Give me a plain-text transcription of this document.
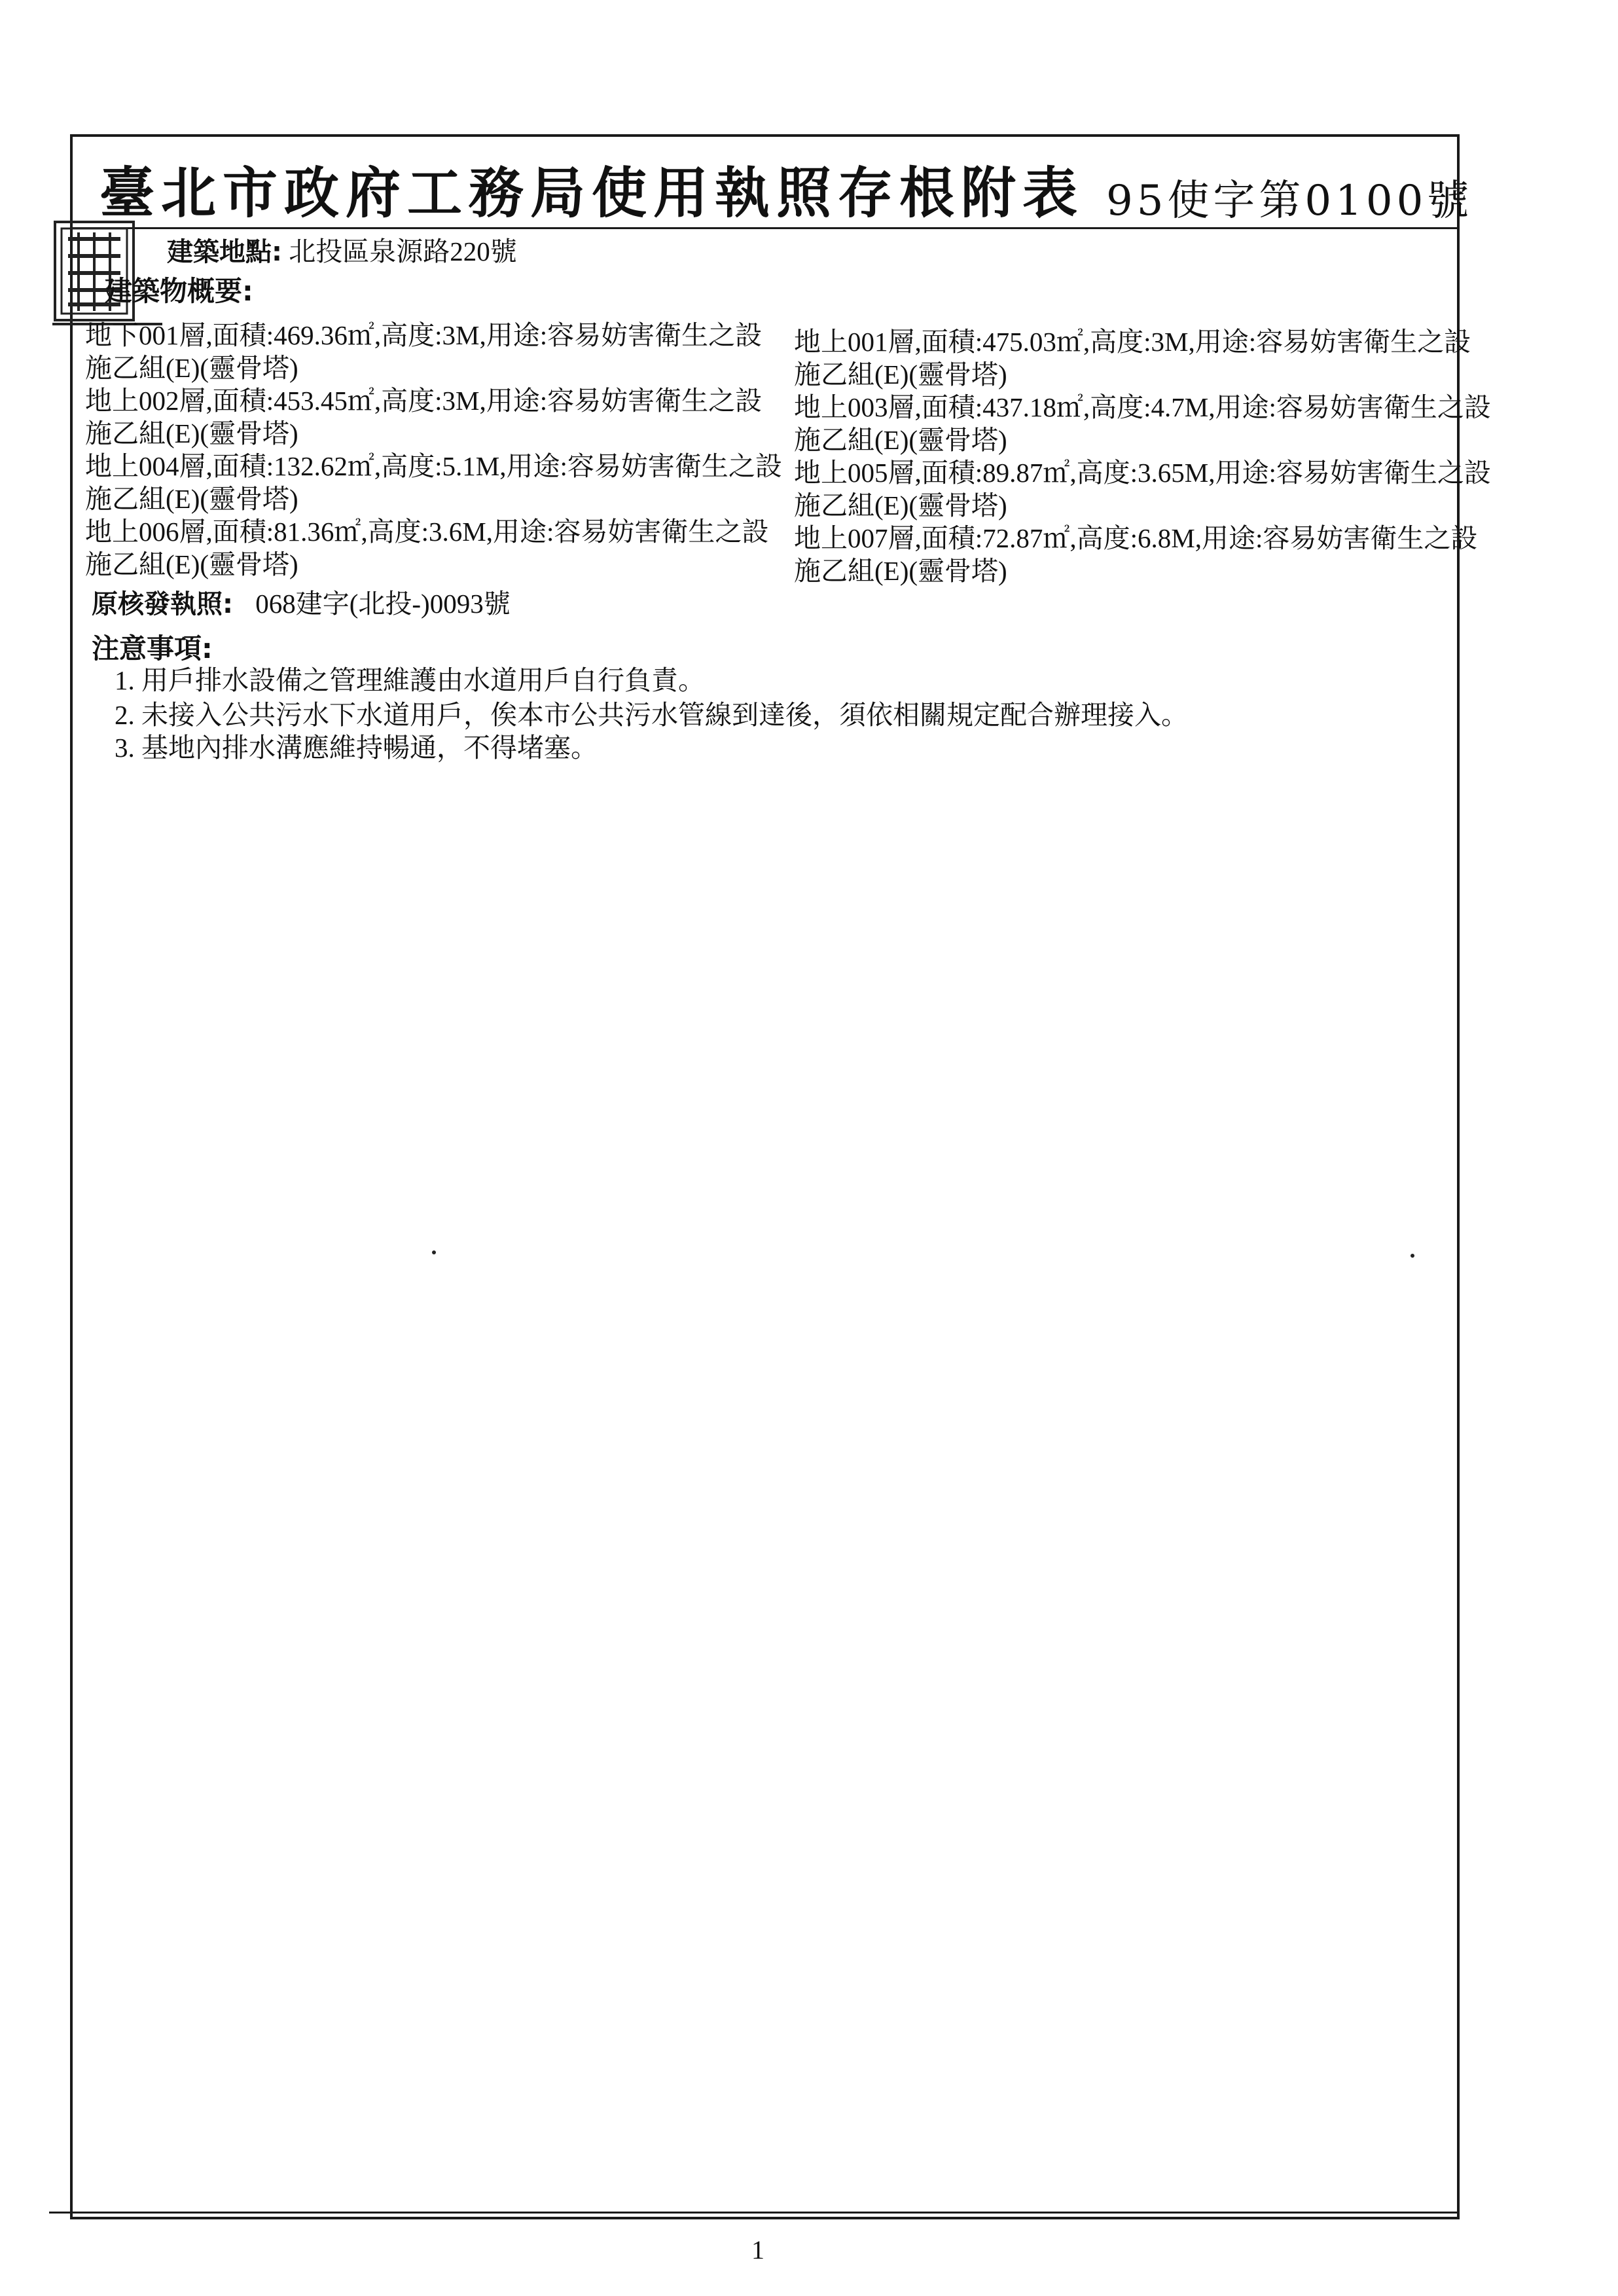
臺北市政府工務局使用執照存根附表 95使字第0100號
建築地點: 北投區泉源路220號
建築物概要:
地下001層,面積:469.36㎡,高度:3M,用途:容易妨害衛生之設
施乙組(E)(靈骨塔)
地上002層,面積:453.45㎡,高度:3M,用途:容易妨害衛生之設
施乙組(E)(靈骨塔)
地上004層,面積:132.62㎡,高度:5.1M,用途:容易妨害衛生之設
施乙組(E)(靈骨塔)
地上006層,面積:81.36㎡,高度:3.6M,用途:容易妨害衛生之設
施乙組(E)(靈骨塔)
地上001層,面積:475.03㎡,高度:3M,用途:容易妨害衛生之設
施乙組(E)(靈骨塔)
地上003層,面積:437.18㎡,高度:4.7M,用途:容易妨害衛生之設
施乙組(E)(靈骨塔)
地上005層,面積:89.87㎡,高度:3.65M,用途:容易妨害衛生之設
施乙組(E)(靈骨塔)
地上007層,面積:72.87㎡,高度:6.8M,用途:容易妨害衛生之設
施乙組(E)(靈骨塔)
原核發執照: 068建字(北投-)0093號
注意事項:
1. 用戶排水設備之管理維護由水道用戶自行負責。
2. 未接入公共污水下水道用戶，俟本市公共污水管線到達後，須依相關規定配合辦理接入。
3. 基地內排水溝應維持暢通，不得堵塞。
1
